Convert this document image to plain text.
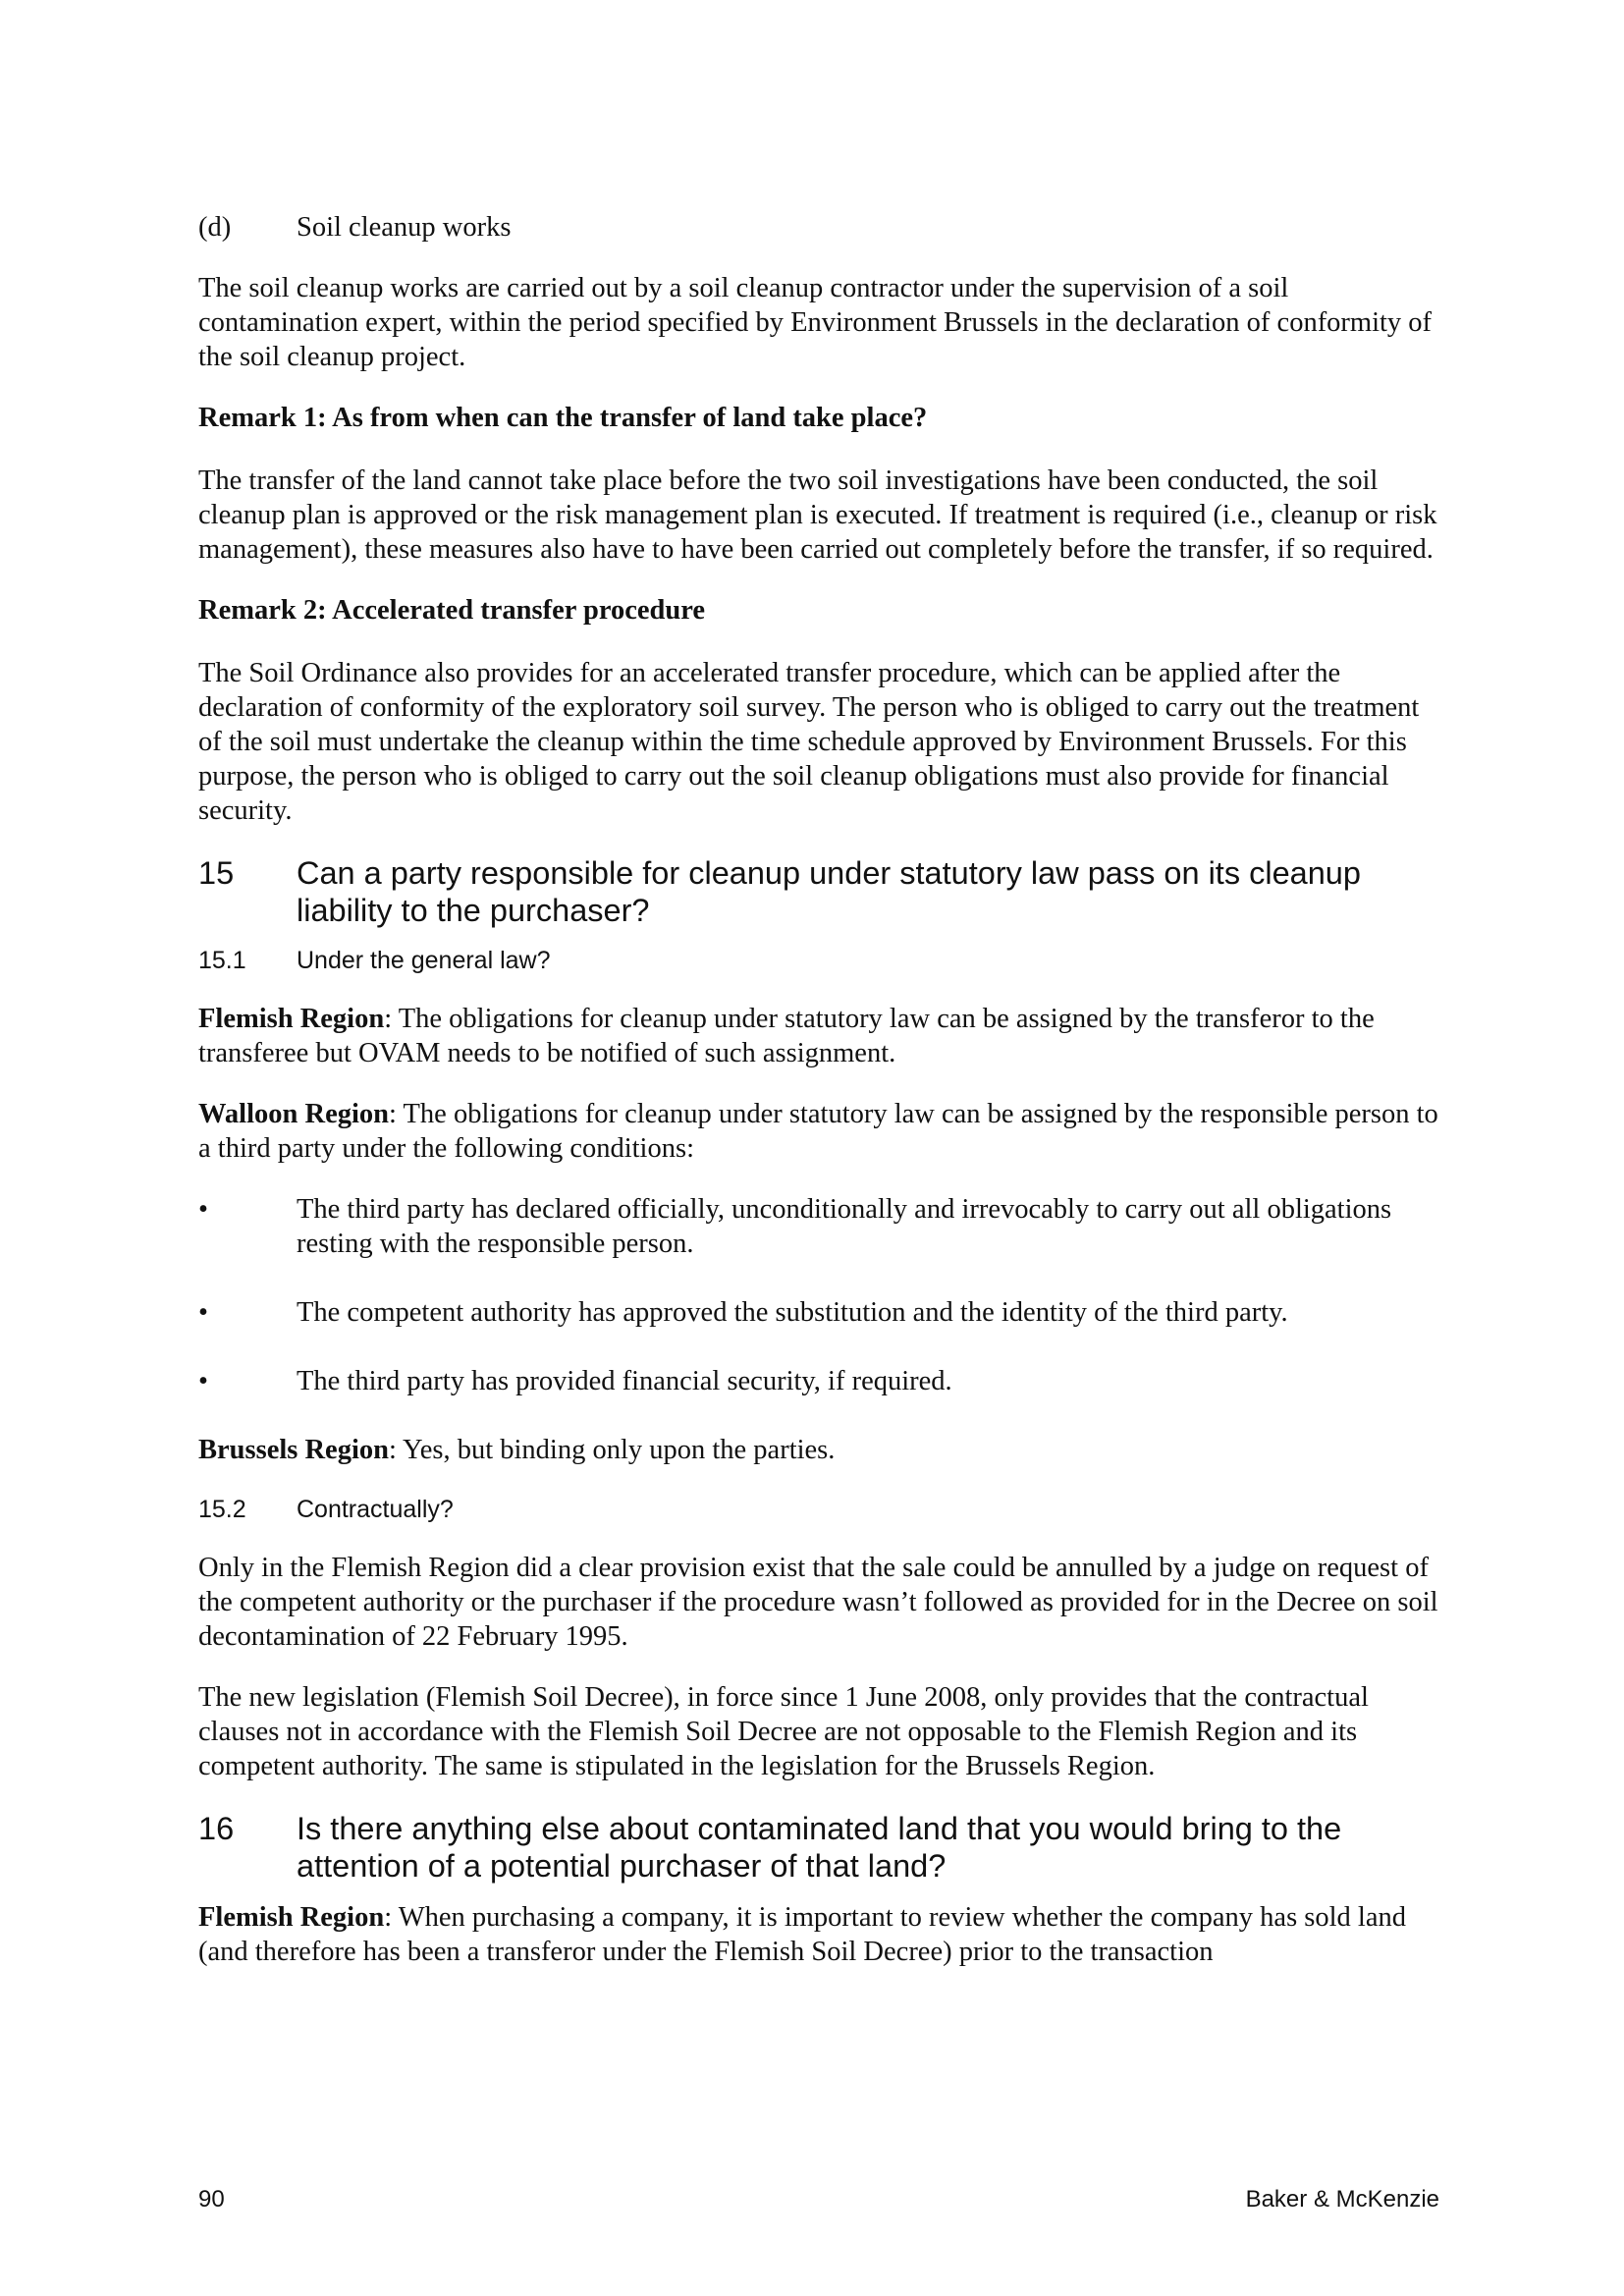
(d)	Soil cleanup works

The soil cleanup works are carried out by a soil cleanup contractor under the supervision of a soil contamination expert, within the period specified by Environment Brussels in the declaration of conformity of the soil cleanup project.

Remark 1: As from when can the transfer of land take place?

The transfer of the land cannot take place before the two soil investigations have been conducted, the soil cleanup plan is approved or the risk management plan is executed. If treatment is required (i.e., cleanup or risk management), these measures also have to have been carried out completely before the transfer, if so required.

Remark 2: Accelerated transfer procedure

The Soil Ordinance also provides for an accelerated transfer procedure, which can be applied after the declaration of conformity of the exploratory soil survey. The person who is obliged to carry out the treatment of the soil must undertake the cleanup within the time schedule approved by Environment Brussels. For this purpose, the person who is obliged to carry out the soil cleanup obligations must also provide for financial security.

15	Can a party responsible for cleanup under statutory law pass on its cleanup liability to the purchaser?
15.1	Under the general law?

Flemish Region: The obligations for cleanup under statutory law can be assigned by the transferor to the transferee but OVAM needs to be notified of such assignment.

Walloon Region: The obligations for cleanup under statutory law can be assigned by the responsible person to a third party under the following conditions:

•	The third party has declared officially, unconditionally and irrevocably to carry out all obligations resting with the responsible person.
•	The competent authority has approved the substitution and the identity of the third party.
•	The third party has provided financial security, if required.

Brussels Region: Yes, but binding only upon the parties.

15.2	Contractually?

Only in the Flemish Region did a clear provision exist that the sale could be annulled by a judge on request of the competent authority or the purchaser if the procedure wasn’t followed as provided for in the Decree on soil decontamination of 22 February 1995.

The new legislation (Flemish Soil Decree), in force since 1 June 2008, only provides that the contractual clauses not in accordance with the Flemish Soil Decree are not opposable to the Flemish Region and its competent authority. The same is stipulated in the legislation for the Brussels Region.

16	Is there anything else about contaminated land that you would bring to the attention of a potential purchaser of that land?

Flemish Region: When purchasing a company, it is important to review whether the company has sold land (and therefore has been a transferor under the Flemish Soil Decree) prior to the transaction

90	Baker & McKenzie
